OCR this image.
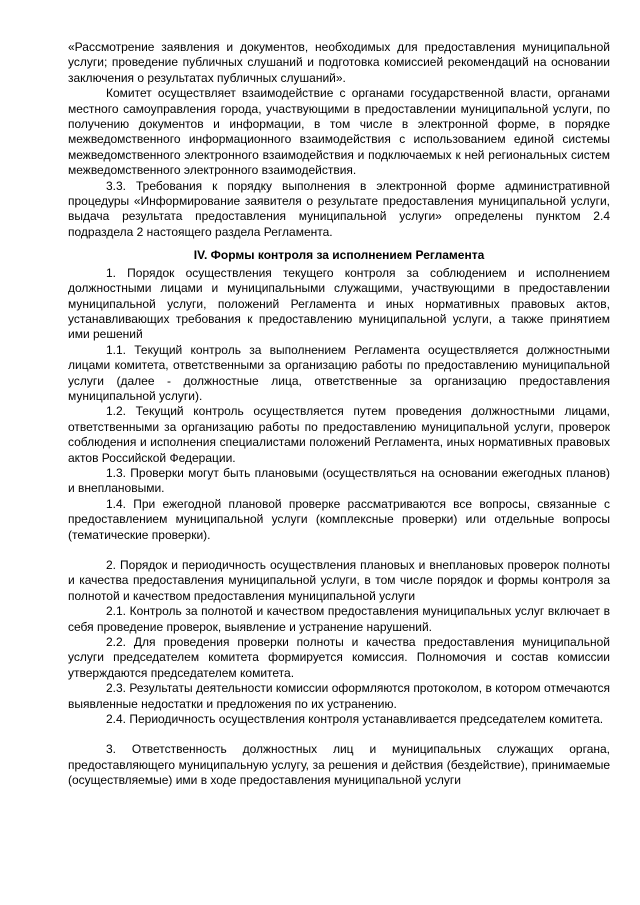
«Рассмотрение заявления и документов, необходимых для предоставления муниципальной услуги; проведение публичных слушаний и подготовка комиссией рекомендаций на основании заключения о результатах публичных слушаний».

Комитет осуществляет взаимодействие с органами государственной власти, органами местного самоуправления города, участвующими в предоставлении муниципальной услуги, по получению документов и информации, в том числе в электронной форме, в порядке межведомственного информационного взаимодействия с использованием единой системы межведомственного электронного взаимодействия и подключаемых к ней региональных систем межведомственного электронного взаимодействия.

3.3. Требования к порядку выполнения в электронной форме административной процедуры «Информирование заявителя о результате предоставления муниципальной услуги, выдача результата предоставления муниципальной услуги» определены пунктом 2.4 подраздела 2 настоящего раздела Регламента.

IV. Формы контроля за исполнением Регламента

1. Порядок осуществления текущего контроля за соблюдением и исполнением должностными лицами и муниципальными служащими, участвующими в предоставлении муниципальной услуги, положений Регламента и иных нормативных правовых актов, устанавливающих требования к предоставлению муниципальной услуги, а также принятием ими решений

1.1. Текущий контроль за выполнением Регламента осуществляется должностными лицами комитета, ответственными за организацию работы по предоставлению муниципальной услуги (далее - должностные лица, ответственные за организацию предоставления муниципальной услуги).

1.2. Текущий контроль осуществляется путем проведения должностными лицами, ответственными за организацию работы по предоставлению муниципальной услуги, проверок соблюдения и исполнения специалистами положений Регламента, иных нормативных правовых актов Российской Федерации.

1.3. Проверки могут быть плановыми (осуществляться на основании ежегодных планов) и внеплановыми.

1.4. При ежегодной плановой проверке рассматриваются все вопросы, связанные с предоставлением муниципальной услуги (комплексные проверки) или отдельные вопросы (тематические проверки).

2. Порядок и периодичность осуществления плановых и внеплановых проверок полноты и качества предоставления муниципальной услуги, в том числе порядок и формы контроля за полнотой и качеством предоставления муниципальной услуги

2.1. Контроль за полнотой и качеством предоставления муниципальных услуг включает в себя проведение проверок, выявление и устранение нарушений.

2.2. Для проведения проверки полноты и качества предоставления муниципальной услуги председателем комитета формируется комиссия. Полномочия и состав комиссии утверждаются председателем комитета.

2.3. Результаты деятельности комиссии оформляются протоколом, в котором отмечаются выявленные недостатки и предложения по их устранению.

2.4. Периодичность осуществления контроля устанавливается председателем комитета.

3. Ответственность должностных лиц и муниципальных служащих органа, предоставляющего муниципальную услугу, за решения и действия (бездействие), принимаемые (осуществляемые) ими в ходе предоставления муниципальной услуги
